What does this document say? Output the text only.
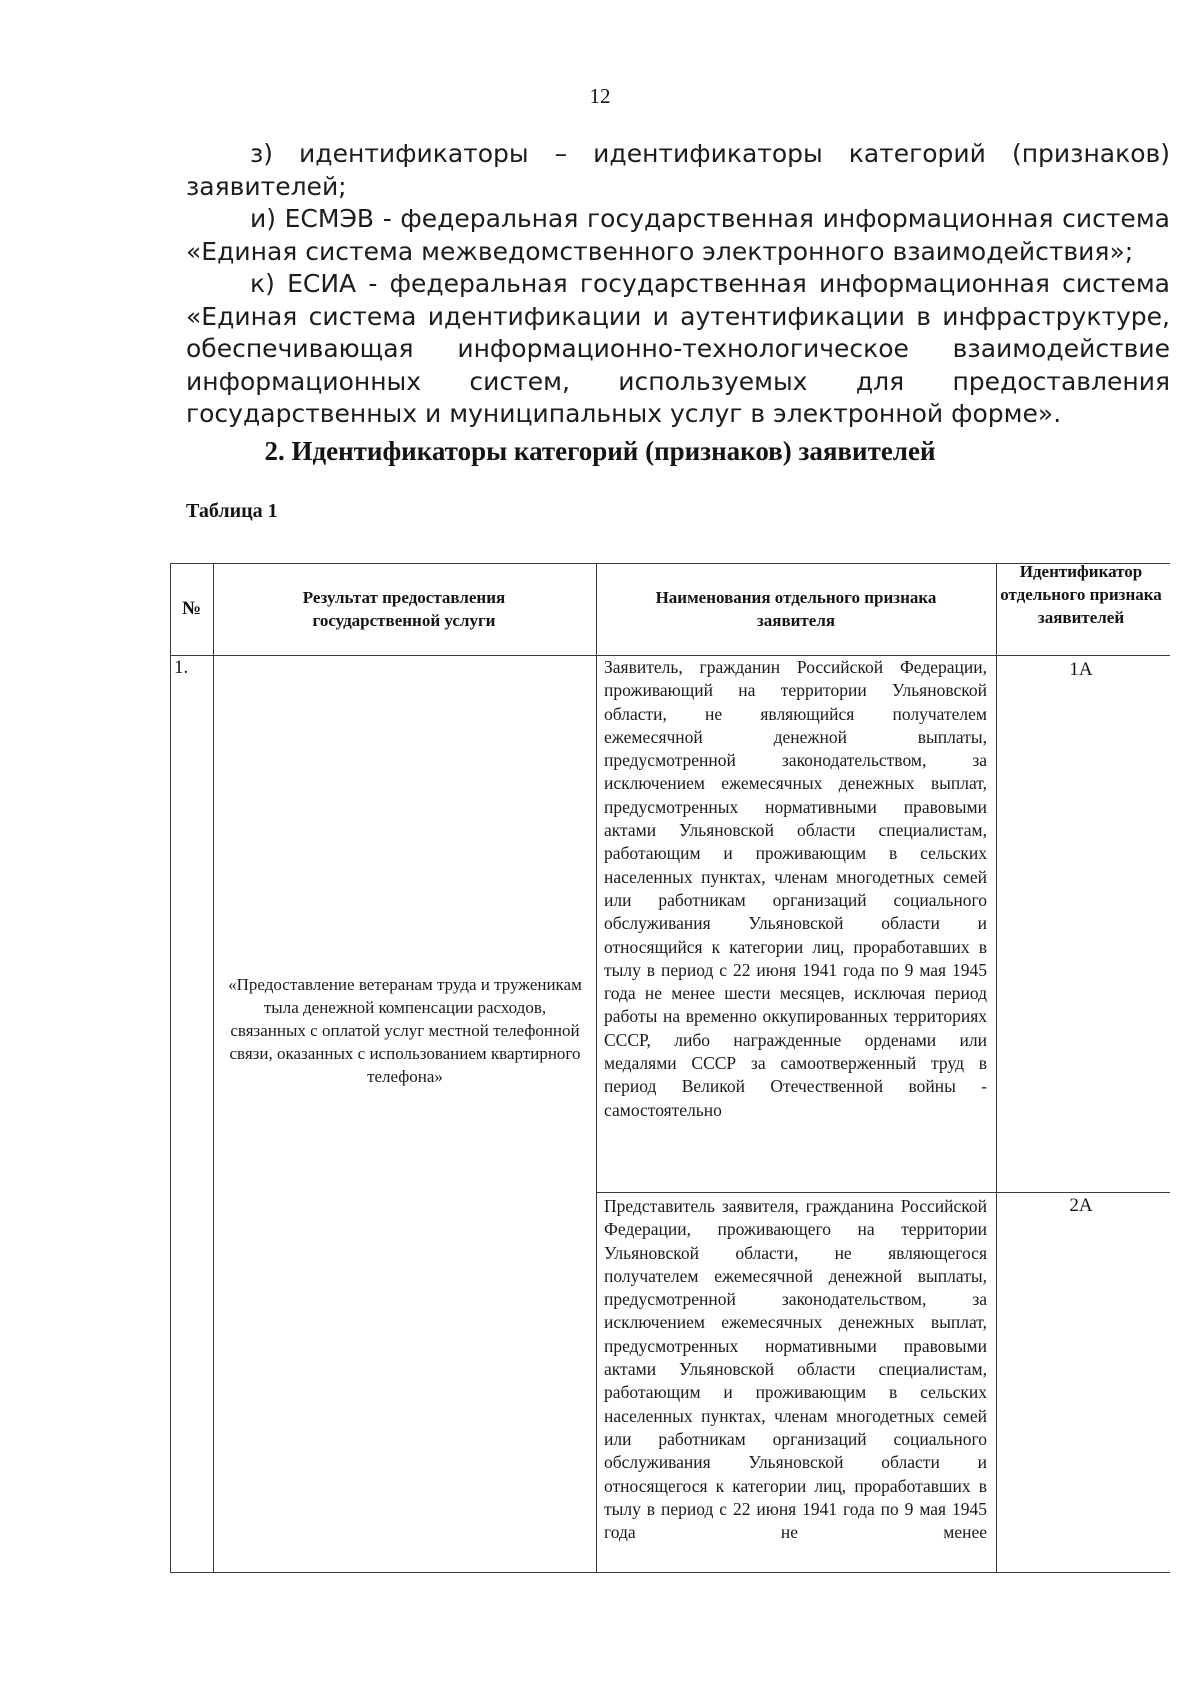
12

з) идентификаторы – идентификаторы категорий (признаков) заявителей;

и) ЕСМЭВ - федеральная государственная информационная система «Единая система межведомственного электронного взаимодействия»;

к) ЕСИА - федеральная государственная информационная система «Единая система идентификации и аутентификации в инфраструктуре, обеспечивающая информационно-технологическое взаимодействие информационных систем, используемых для предоставления государственных и муниципальных услуг в электронной форме».

2. Идентификаторы категорий (признаков) заявителей
Таблица 1
№
Результат предоставления государственной услуги
Наименования отдельного признака заявителя
Идентификатор отдельного признака заявителей
1.
«Предоставление ветеранам труда и труженикам тыла денежной компенсации расходов, связанных с оплатой услуг местной телефонной связи, оказанных с использованием квартирного телефона»
Заявитель, гражданин Российской Федерации, проживающий на территории Ульяновской области, не являющийся получателем ежемесячной денежной выплаты, предусмотренной законодательством, за исключением ежемесячных денежных выплат, предусмотренных нормативными правовыми актами Ульяновской области специалистам, работающим и проживающим в сельских населенных пунктах, членам многодетных семей или работникам организаций социального обслуживания Ульяновской области и относящийся к категории лиц, проработавших в тылу в период с 22 июня 1941 года по 9 мая 1945 года не менее шести месяцев, исключая период работы на временно оккупированных территориях СССР, либо награжденные орденами или медалями СССР за самоотверженный труд в период Великой Отечественной войны - самостоятельно
1А
Представитель заявителя, гражданина Российской Федерации, проживающего на территории Ульяновской области, не являющегося получателем ежемесячной денежной выплаты, предусмотренной законодательством, за исключением ежемесячных денежных выплат, предусмотренных нормативными правовыми актами Ульяновской области специалистам, работающим и проживающим в сельских населенных пунктах, членам многодетных семей или работникам организаций социального обслуживания Ульяновской области и относящегося к категории лиц, проработавших в тылу в период с 22 июня 1941 года по 9 мая 1945 года не менее
2А
